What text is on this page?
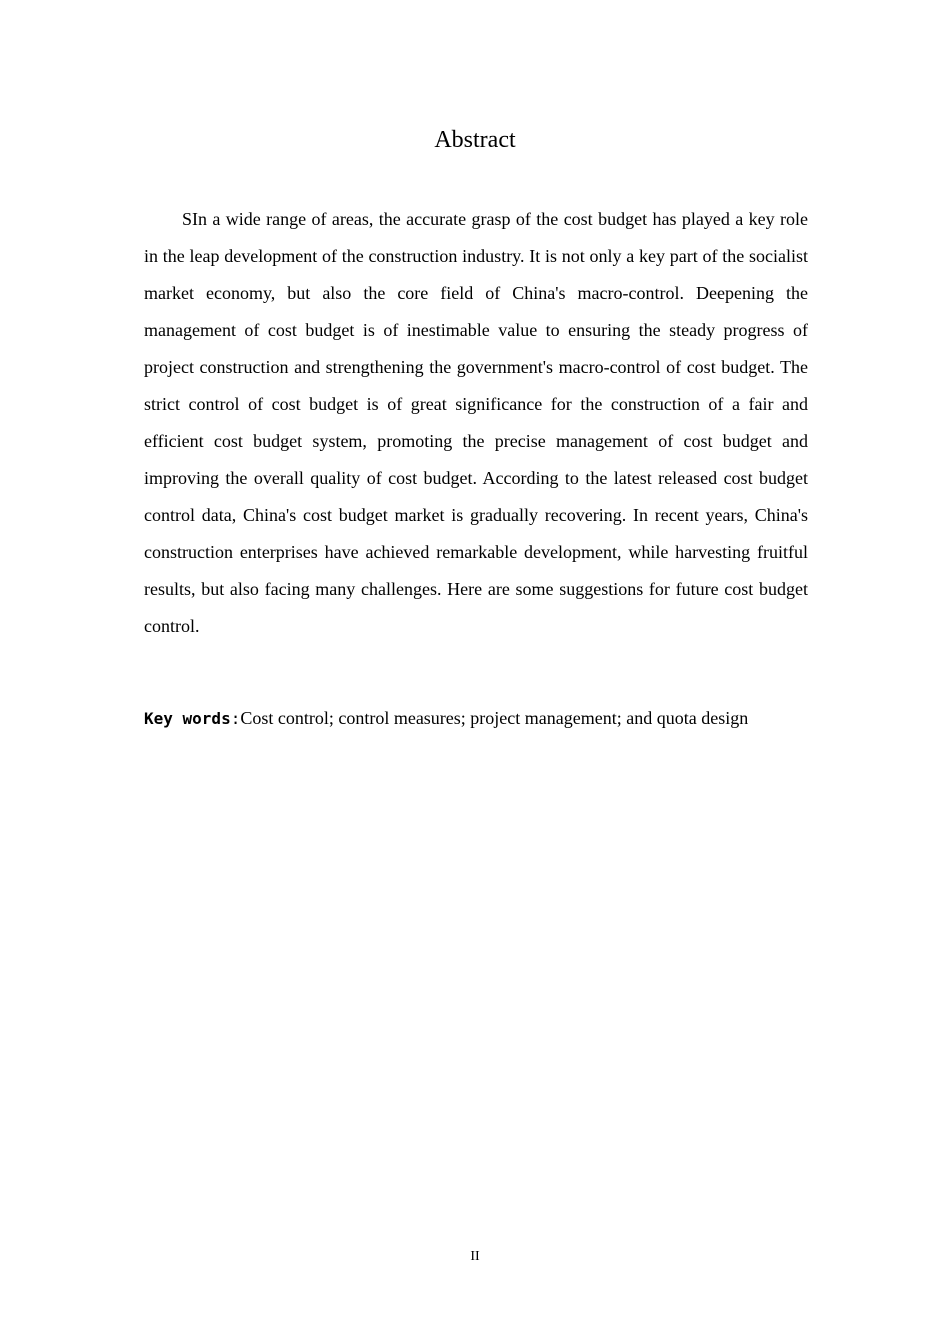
Abstract

SIn a wide range of areas, the accurate grasp of the cost budget has played a key role in the leap development of the construction industry. It is not only a key part of the socialist market economy, but also the core field of China's macro-control. Deepening the management of cost budget is of inestimable value to ensuring the steady progress of project construction and strengthening the government's macro-control of cost budget. The strict control of cost budget is of great significance for the construction of a fair and efficient cost budget system, promoting the precise management of cost budget and improving the overall quality of cost budget. According to the latest released cost budget control data, China's cost budget market is gradually recovering. In recent years, China's construction enterprises have achieved remarkable development, while harvesting fruitful results, but also facing many challenges. Here are some suggestions for future cost budget control.

Key words:Cost control; control measures; project management; and quota design

II
